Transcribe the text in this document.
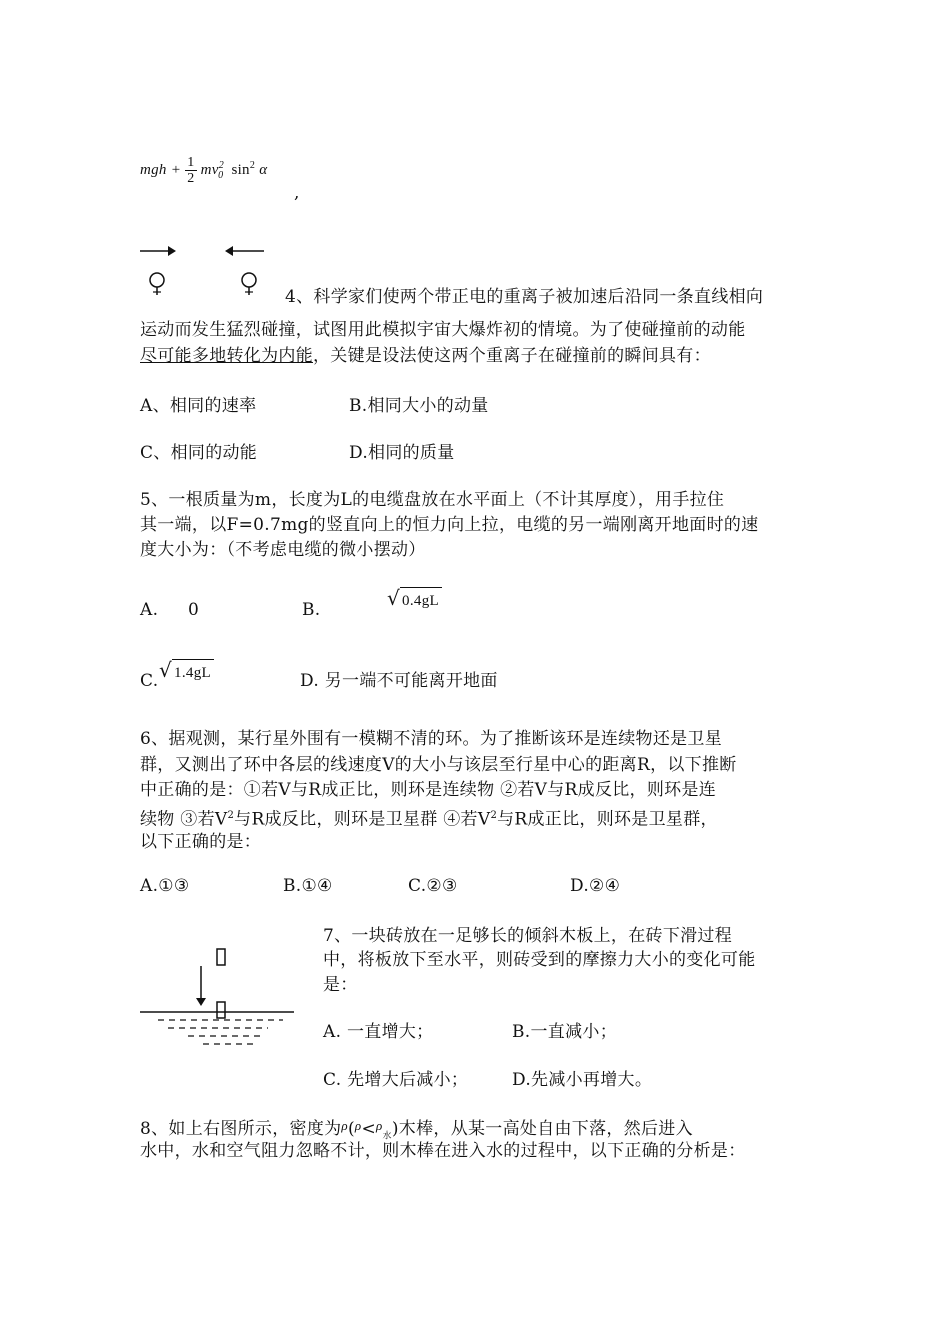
mgh + $\frac{1}{2} mv^2_0$ $\sin^2 \alpha$
,
4、科学家们使两个带正电的重离子被加速后沿同一条直线相向
运动而发生猛烈碰撞，试图用此模拟宇宙大爆炸初的情境。为了使碰撞前的动能
尽可能多地转化为内能，关键是设法使这两个重离子在碰撞前的瞬间具有：
A、相同的速率	B.相同大小的动量
C、相同的动能	D.相同的质量
5、一根质量为m，长度为L的电缆盘放在水平面上（不计其厚度），用手拉住
其一端，以F=0.7mg的竖直向上的恒力向上拉，电缆的另一端刚离开地面时的速
度大小为：（不考虑电缆的微小摆动）
A. 0	B.	√ 0.4gL
C. √ 1.4gL	D. 另一端不可能离开地面
6、据观测，某行星外围有一模糊不清的环。为了推断该环是连续物还是卫星
群，又测出了环中各层的线速度V的大小与该层至行星中心的距离R，以下推断
中正确的是：①若V与R成正比，则环是连续物 ②若V与R成反比，则环是连
续物 ③若$V^2$与R成反比，则环是卫星群 ④若$V^2$与R成正比，则环是卫星群，
以下正确的是：
A.①③	B.①④	C.②③	D.②④
7、一块砖放在一足够长的倾斜木板上，在砖下滑过程
中，将板放下至水平，则砖受到的摩擦力大小的变化可能
是：
A. 一直增大；	B.一直减小；
C. 先增大后减小；	D.先减小再增大。
8、如上右图所示，密度为$^\rho$($^\rho$<$^\rho_水$)木棒，从某一高处自由下落，然后进入
水中，水和空气阻力忽略不计，则木棒在进入水的过程中，以下正确的分析是：
